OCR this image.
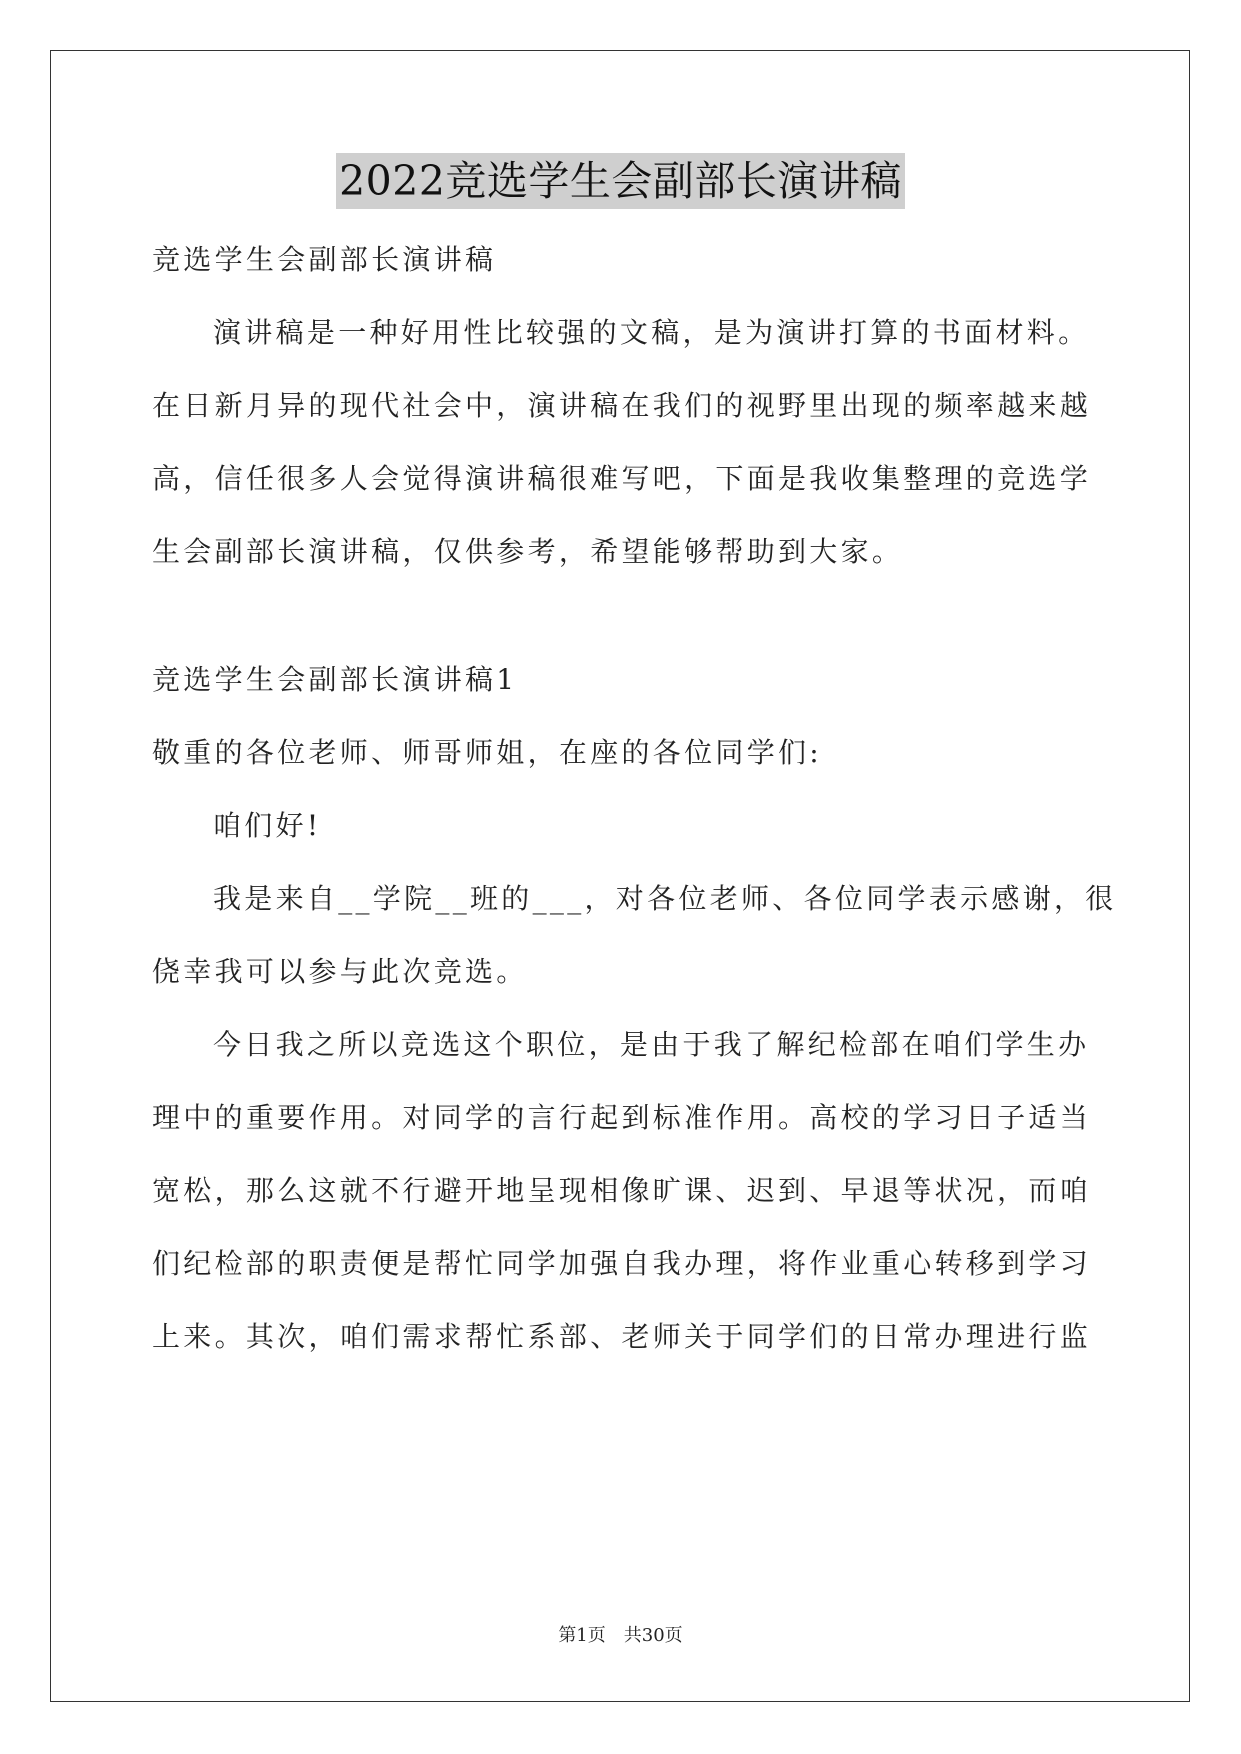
2022竞选学生会副部长演讲稿
竞选学生会副部长演讲稿
演讲稿是一种好用性比较强的文稿，是为演讲打算的书面材料。
在日新月异的现代社会中，演讲稿在我们的视野里出现的频率越来越
高，信任很多人会觉得演讲稿很难写吧，下面是我收集整理的竞选学
生会副部长演讲稿，仅供参考，希望能够帮助到大家。
竞选学生会副部长演讲稿1
敬重的各位老师、师哥师姐，在座的各位同学们:
咱们好!
我是来自__学院__班的___，对各位老师、各位同学表示感谢，很
侥幸我可以参与此次竞选。
今日我之所以竞选这个职位，是由于我了解纪检部在咱们学生办
理中的重要作用。对同学的言行起到标准作用。高校的学习日子适当
宽松，那么这就不行避开地呈现相像旷课、迟到、早退等状况，而咱
们纪检部的职责便是帮忙同学加强自我办理，将作业重心转移到学习
上来。其次，咱们需求帮忙系部、老师关于同学们的日常办理进行监
第1页 共30页
